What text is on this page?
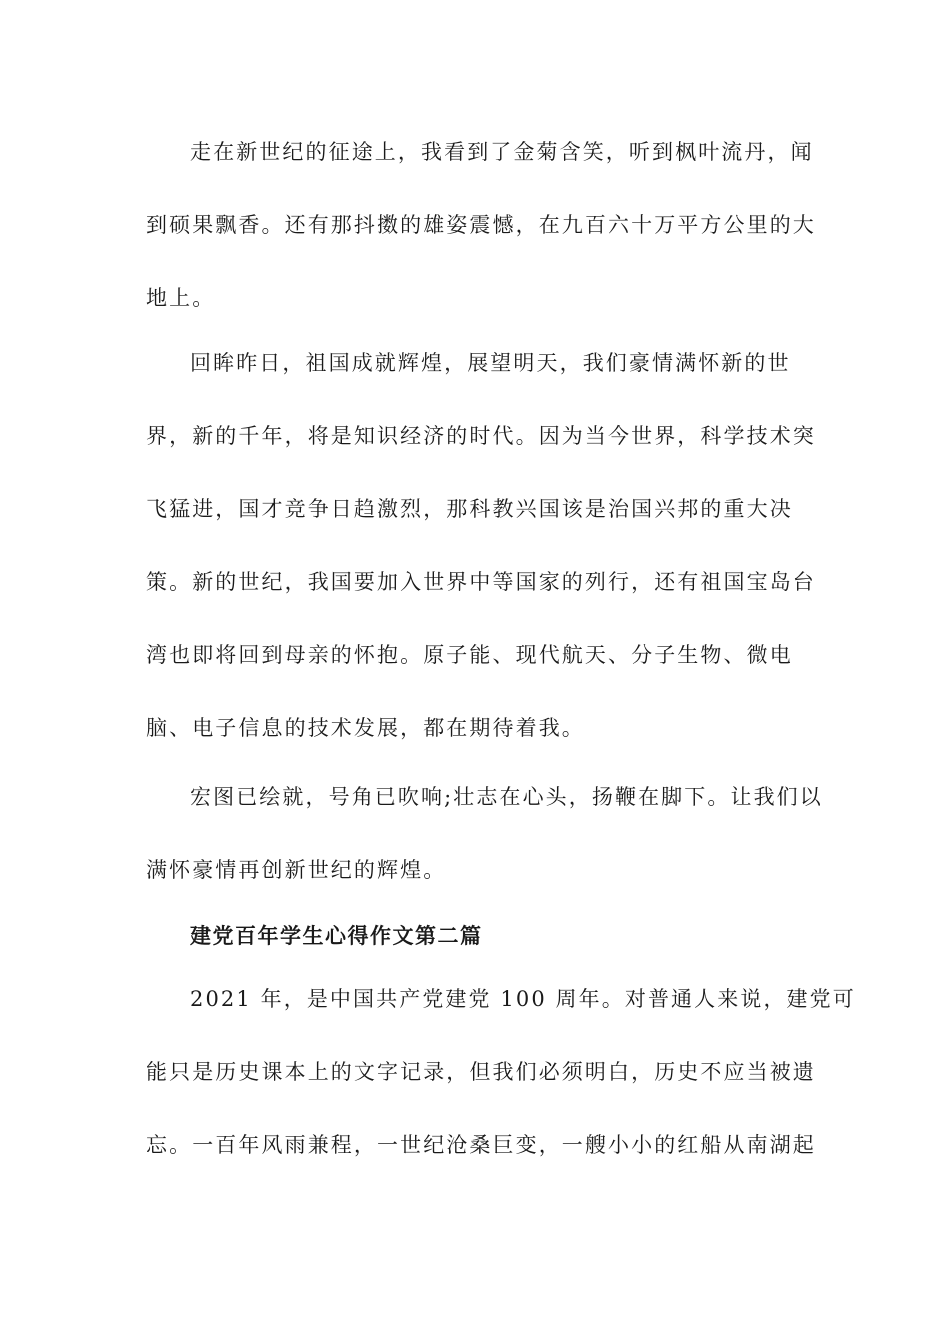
走在新世纪的征途上，我看到了金菊含笑，听到枫叶流丹，闻
到硕果飘香。还有那抖擞的雄姿震憾，在九百六十万平方公里的大
地上。
回眸昨日，祖国成就辉煌，展望明天，我们豪情满怀新的世
界，新的千年，将是知识经济的时代。因为当今世界，科学技术突
飞猛进，国才竞争日趋激烈，那科教兴国该是治国兴邦的重大决
策。新的世纪，我国要加入世界中等国家的列行，还有祖国宝岛台
湾也即将回到母亲的怀抱。原子能、现代航天、分子生物、微电
脑、电子信息的技术发展，都在期待着我。
宏图已绘就，号角已吹响;壮志在心头，扬鞭在脚下。让我们以
满怀豪情再创新世纪的辉煌。
建党百年学生心得作文第二篇
2021 年，是中国共产党建党 100 周年。对普通人来说，建党可
能只是历史课本上的文字记录，但我们必须明白，历史不应当被遗
忘。一百年风雨兼程，一世纪沧桑巨变，一艘小小的红船从南湖起
